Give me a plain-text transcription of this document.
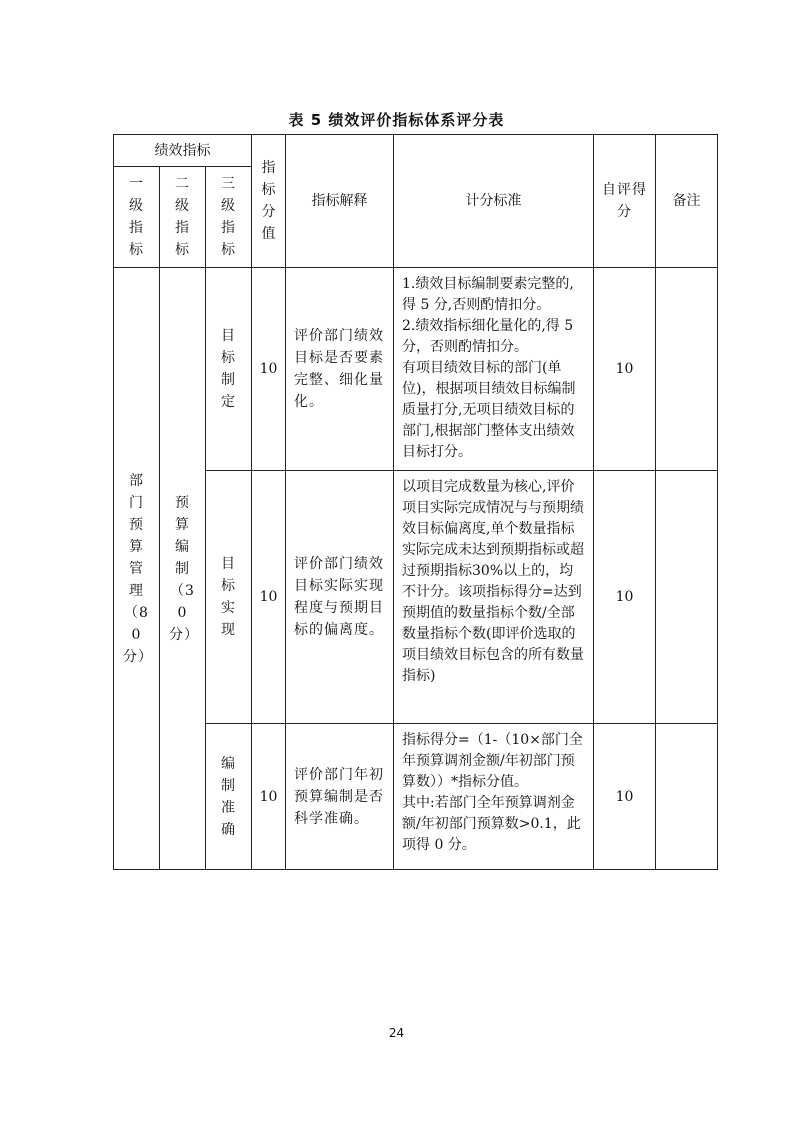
表 5 绩效评价指标体系评分表
绩效指标			指标分值	指标解释	计分标准	自评得分	备注
一级指标	二级指标	三级指标					
部门预算管理（80分）	预算编制（30分）	目标制定	10	评价部门绩效目标是否要素完整、细化量化。	1.绩效目标编制要素完整的,得 5 分,否则酌情扣分。
2.绩效指标细化量化的,得 5 分，否则酌情扣分。
有项目绩效目标的部门(单位)，根据项目绩效目标编制质量打分,无项目绩效目标的部门,根据部门整体支出绩效目标打分。	10	
		目标实现	10	评价部门绩效目标实际实现程度与预期目标的偏离度。	以项目完成数量为核心,评价项目实际完成情况与与预期绩效目标偏离度,单个数量指标实际完成未达到预期指标或超过预期指标30%以上的，均不计分。该项指标得分=达到预期值的数量指标个数/全部数量指标个数(即评价选取的项目绩效目标包含的所有数量指标)	10	
		编制准确	10	评价部门年初预算编制是否科学准确。	指标得分=（1-（10×部门全年预算调剂金额/年初部门预算数））*指标分值。
其中:若部门全年预算调剂金额/年初部门预算数>0.1，此项得 0 分。	10	
24
